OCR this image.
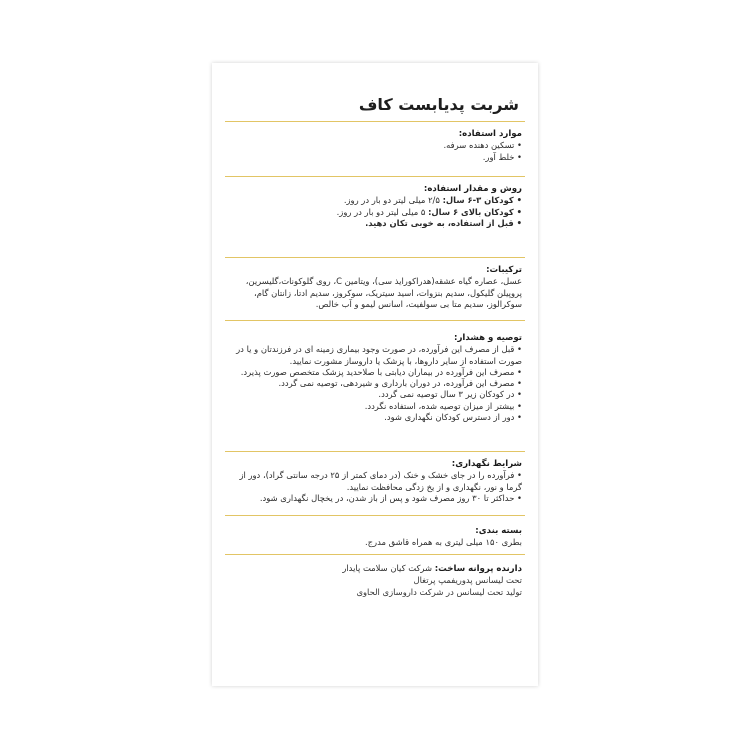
شربت پدیابست کاف
موارد استفاده:
• تسکین دهنده سرفه.
• خلط آور.
روش و مقدار استفاده:
• کودکان ۳-۶ سال: ۲/۵ میلی لیتر دو بار در روز.
• کودکان بالای ۶ سال: ۵ میلی لیتر دو بار در روز.
• قبل از استفاده، به خوبی تکان دهید.
ترکیبات:
عسل، عصاره گیاه عشقه(هدراکورایذ سی)، ویتامین C، روی گلوکونات،گلیسرین،
پروپیلن گلیکول، سدیم بنزوات، اسید سیتریک، سوکروز، سدیم ادتا، زانتان گام،
سوکرالوز، سدیم متا بی سولفیت، اسانس لیمو و آب خالص.
توصیه و هشدار:
• قبل از مصرف این فرآورده، در صورت وجود بیماری زمینه ای در فرزندتان و یا در
صورت استفاده از سایر داروها، با پزشک یا داروساز مشورت نمایید.
• مصرف این فرآورده در بیماران دیابتی با صلاحدید پزشک متخصص صورت پذیرد.
• مصرف این فرآورده، در دوران بارداری و شیردهی، توصیه نمی گردد.
• در کودکان زیر ۳ سال توصیه نمی گردد.
• بیشتر از میزان توصیه شده، استفاده نگردد.
• دور از دسترس کودکان نگهداری شود.
شرایط نگهداری:
• فرآورده را در جای خشک و خنک (در دمای کمتر از ۲۵ درجه سانتی گراد)، دور از
گرما و نور، نگهداری و از یخ زدگی محافظت نمایید.
• حداکثر تا ۳۰ روز مصرف شود و پس از باز شدن، در یخچال نگهداری شود.
بسته بندی:
بطری ۱۵۰ میلی لیتری به همراه قاشق مدرج.
دارنده پروانه ساخت: شرکت کیان سلامت پایدار
تحت لیسانس پدوریفمپ پرتغال
تولید تحت لیسانس در شرکت داروسازی الحاوی
